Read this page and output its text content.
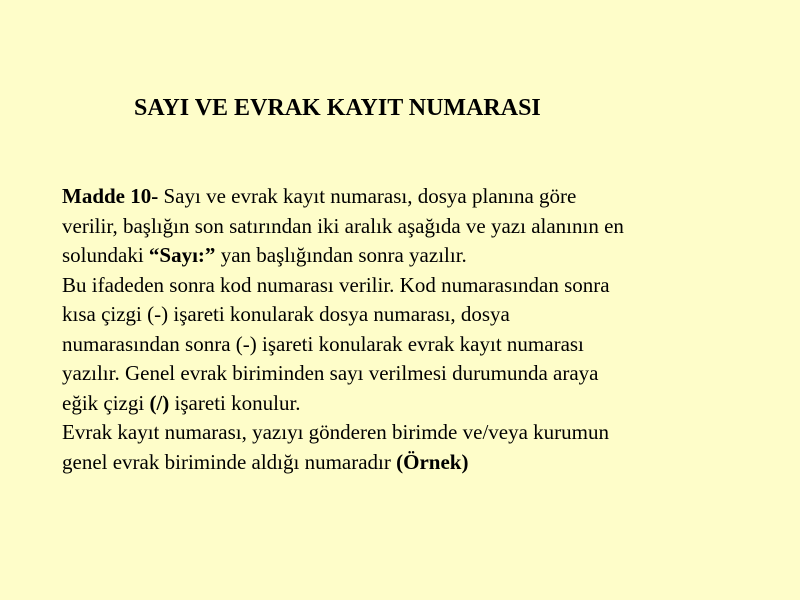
SAYI VE EVRAK KAYIT NUMARASI
Madde 10- Sayı ve evrak kayıt numarası, dosya planına göre
verilir, başlığın son satırından iki aralık aşağıda ve yazı alanının en
solundaki “Sayı:” yan başlığından sonra yazılır.
Bu ifadeden sonra kod numarası verilir. Kod numarasından sonra
kısa çizgi (-) işareti konularak dosya numarası, dosya
numarasından sonra (-) işareti konularak evrak kayıt numarası
yazılır. Genel evrak biriminden sayı verilmesi durumunda araya
eğik çizgi (/) işareti konulur.
Evrak kayıt numarası, yazıyı gönderen birimde ve/veya kurumun
genel evrak biriminde aldığı numaradır (Örnek)
